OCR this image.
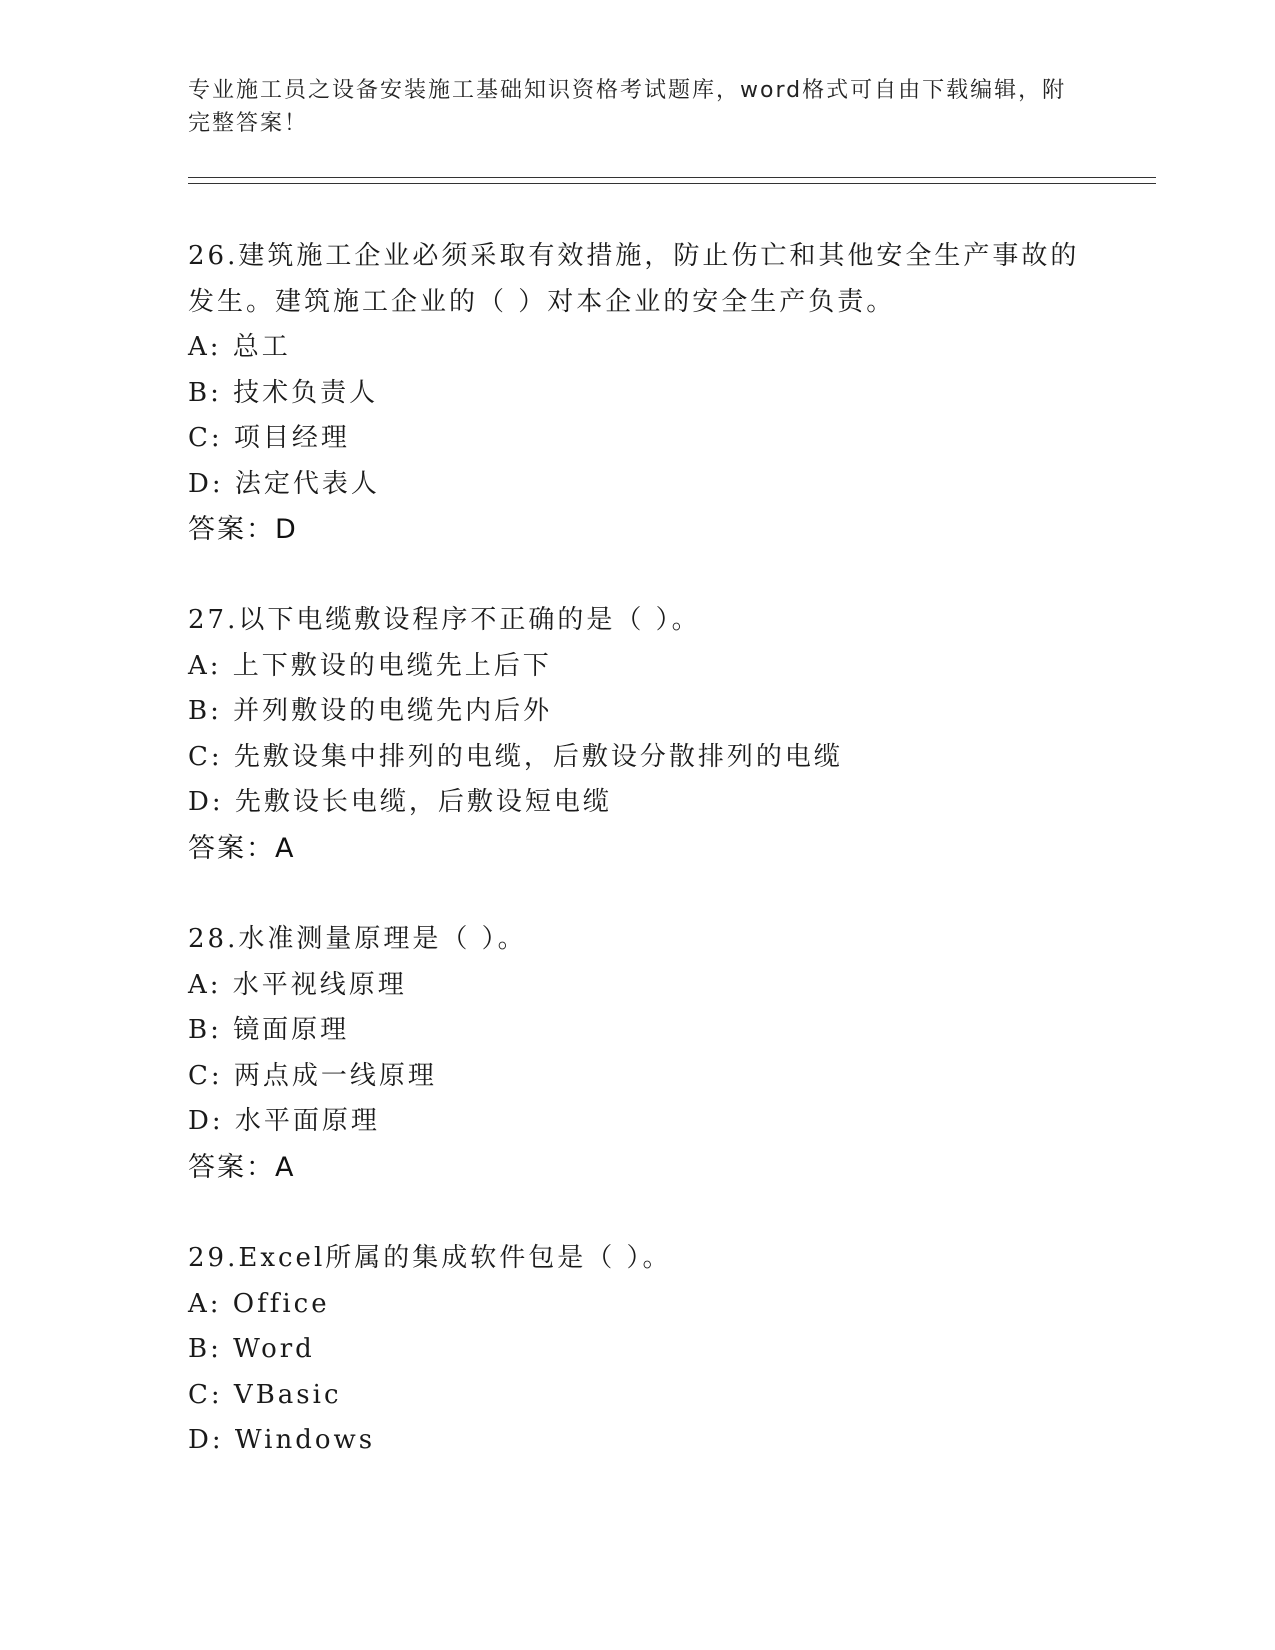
专业施工员之设备安装施工基础知识资格考试题库，word格式可自由下载编辑，附完整答案！
26.建筑施工企业必须采取有效措施，防止伤亡和其他安全生产事故的发生。建筑施工企业的（ ）对本企业的安全生产负责。
A: 总工
B: 技术负责人
C: 项目经理
D: 法定代表人
答案：D
27.以下电缆敷设程序不正确的是（ ）。
A: 上下敷设的电缆先上后下
B: 并列敷设的电缆先内后外
C: 先敷设集中排列的电缆，后敷设分散排列的电缆
D: 先敷设长电缆，后敷设短电缆
答案：A
28.水准测量原理是（ ）。
A: 水平视线原理
B: 镜面原理
C: 两点成一线原理
D: 水平面原理
答案：A
29.Excel所属的集成软件包是（ ）。
A: Office
B: Word
C: VBasic
D: Windows
